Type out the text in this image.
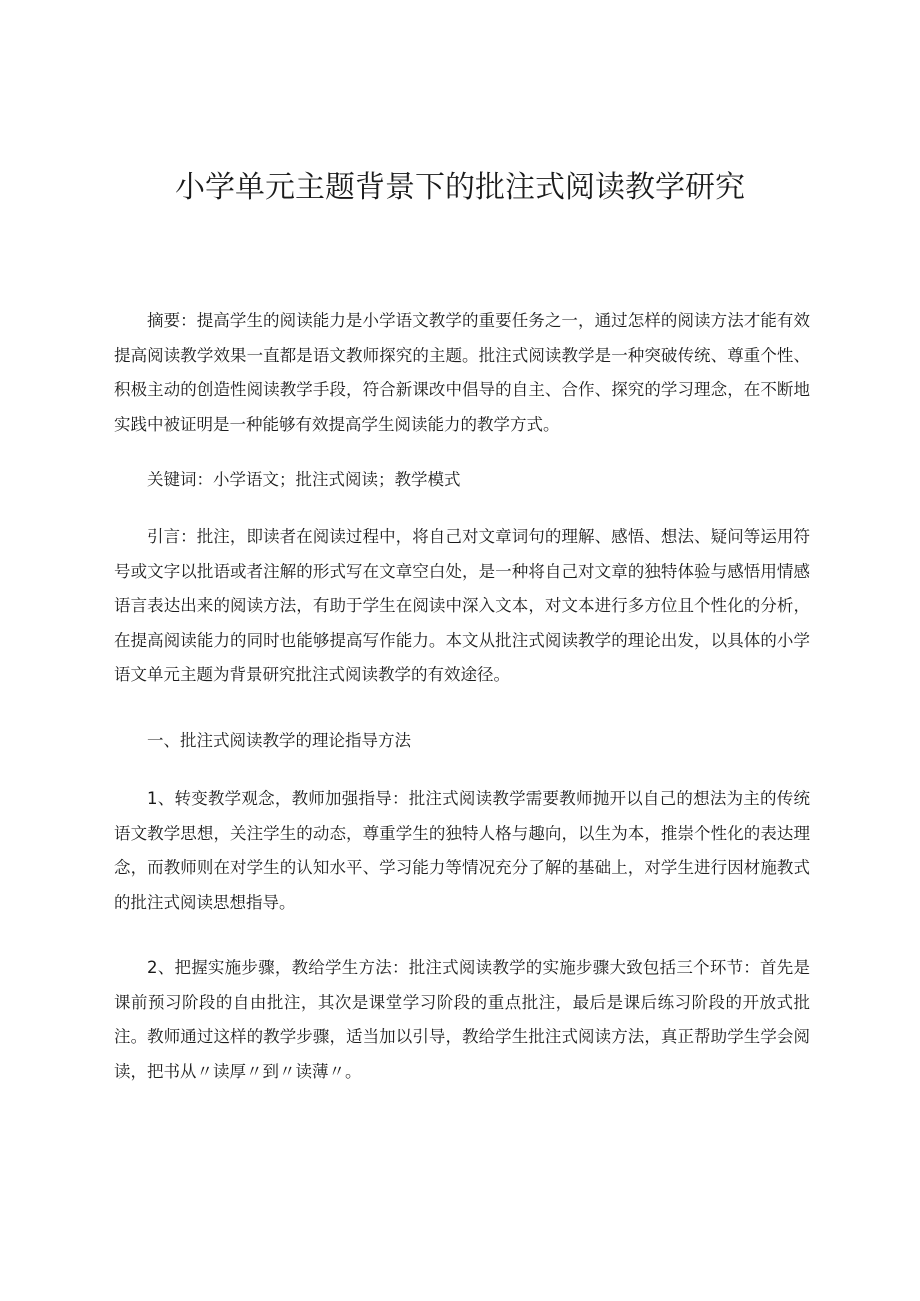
小学单元主题背景下的批注式阅读教学研究

摘要：提高学生的阅读能力是小学语文教学的重要任务之一，通过怎样的阅读方法才能有效提高阅读教学效果一直都是语文教师探究的主题。批注式阅读教学是一种突破传统、尊重个性、积极主动的创造性阅读教学手段，符合新课改中倡导的自主、合作、探究的学习理念，在不断地实践中被证明是一种能够有效提高学生阅读能力的教学方式。

关键词：小学语文；批注式阅读；教学模式

引言：批注，即读者在阅读过程中，将自己对文章词句的理解、感悟、想法、疑问等运用符号或文字以批语或者注解的形式写在文章空白处，是一种将自己对文章的独特体验与感悟用情感语言表达出来的阅读方法，有助于学生在阅读中深入文本，对文本进行多方位且个性化的分析，在提高阅读能力的同时也能够提高写作能力。本文从批注式阅读教学的理论出发，以具体的小学语文单元主题为背景研究批注式阅读教学的有效途径。

一、批注式阅读教学的理论指导方法

1、转变教学观念，教师加强指导：批注式阅读教学需要教师抛开以自己的想法为主的传统语文教学思想，关注学生的动态，尊重学生的独特人格与趣向，以生为本，推崇个性化的表达理念，而教师则在对学生的认知水平、学习能力等情况充分了解的基础上，对学生进行因材施教式的批注式阅读思想指导。

2、把握实施步骤，教给学生方法：批注式阅读教学的实施步骤大致包括三个环节：首先是课前预习阶段的自由批注，其次是课堂学习阶段的重点批注，最后是课后练习阶段的开放式批注。教师通过这样的教学步骤，适当加以引导，教给学生批注式阅读方法，真正帮助学生学会阅读，把书从〃读厚〃到〃读薄〃。
